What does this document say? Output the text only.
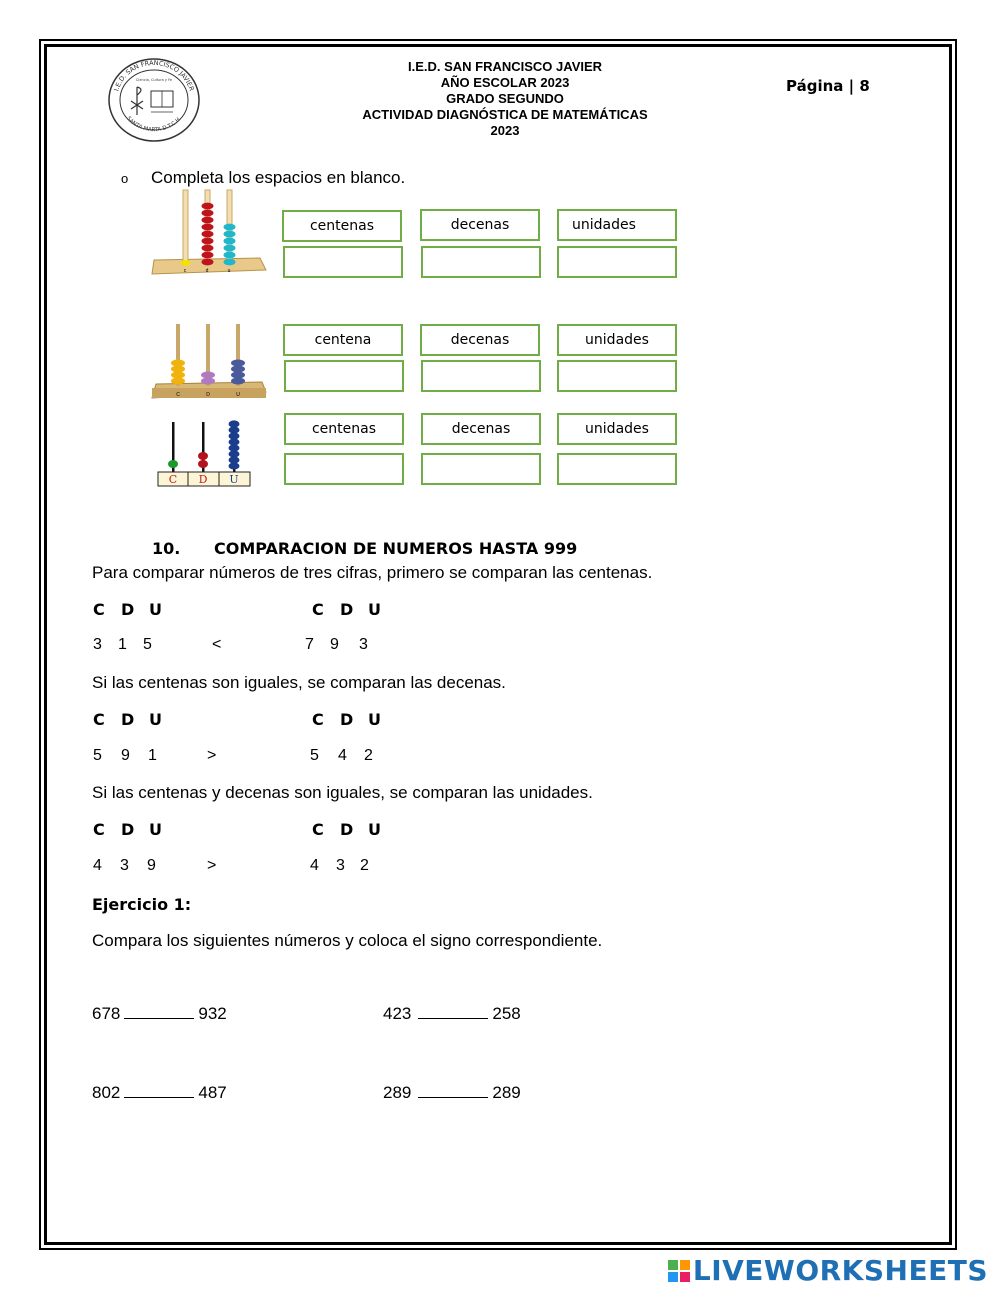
I.E.D. SAN FRANCISCO JAVIER
SANTA MARTA D.T.C.H.
Ciencia, Cultura y Fe
I.E.D. SAN FRANCISCO JAVIER
AÑO ESCOLAR 2023
GRADO SEGUNDO
ACTIVIDAD DIAGNÓSTICA DE MATEMÁTICAS
2023
Página | 8
o Completa los espacios en blanco.
c	d	u
centenas	decenas	unidades
C	D	U
centena	decenas	unidades
C D U
centenas	decenas	unidades
10. COMPARACION DE NUMEROS HASTA 999
Para comparar números de tres cifras, primero se comparan las centenas.
C D U	C D U
3 1 5	<	7 9 3
Si las centenas son iguales, se comparan las decenas.
C D U	C D U
5 9 1	>	5 4 2
Si las centenas y decenas son iguales, se comparan las unidades.
C D U	C D U
4 3 9	>	4 3 2
Ejercicio 1:
Compara los siguientes números y coloca el signo correspondiente.
678	932	423	258
802	487	289	289
LIVEWORKSHEETS
